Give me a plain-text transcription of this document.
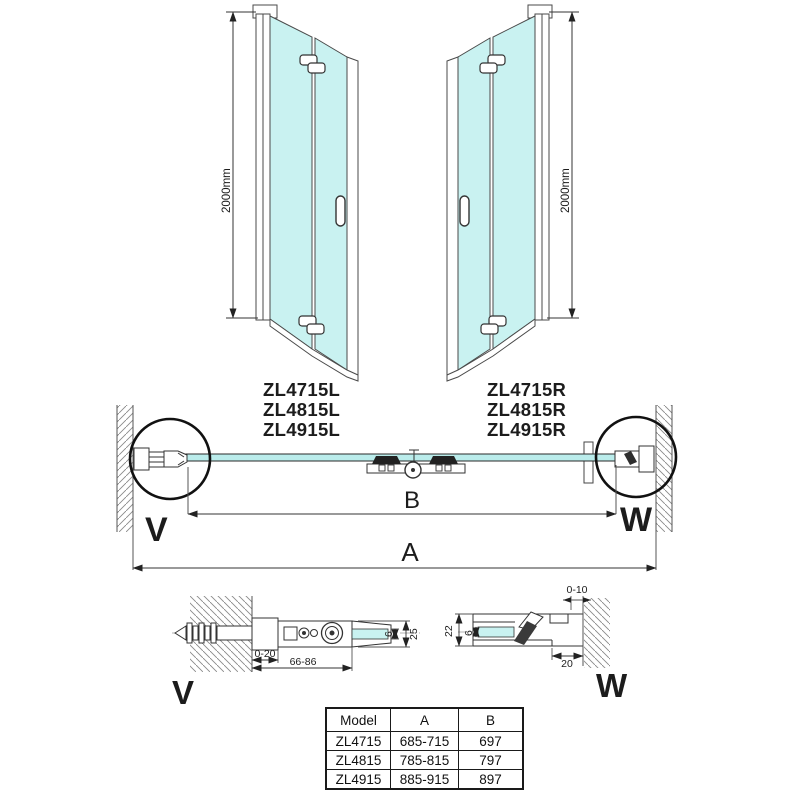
2000mm	2000mm
ZL4715L
ZL4815L
ZL4915L
ZL4715R
ZL4815R
ZL4915R
B
A
V	W
6 25
0-20
66-86
V
22 6
0-10
20
W
Model	A	B
ZL4715	685-715	697
ZL4815	785-815	797
ZL4915	885-915	897
